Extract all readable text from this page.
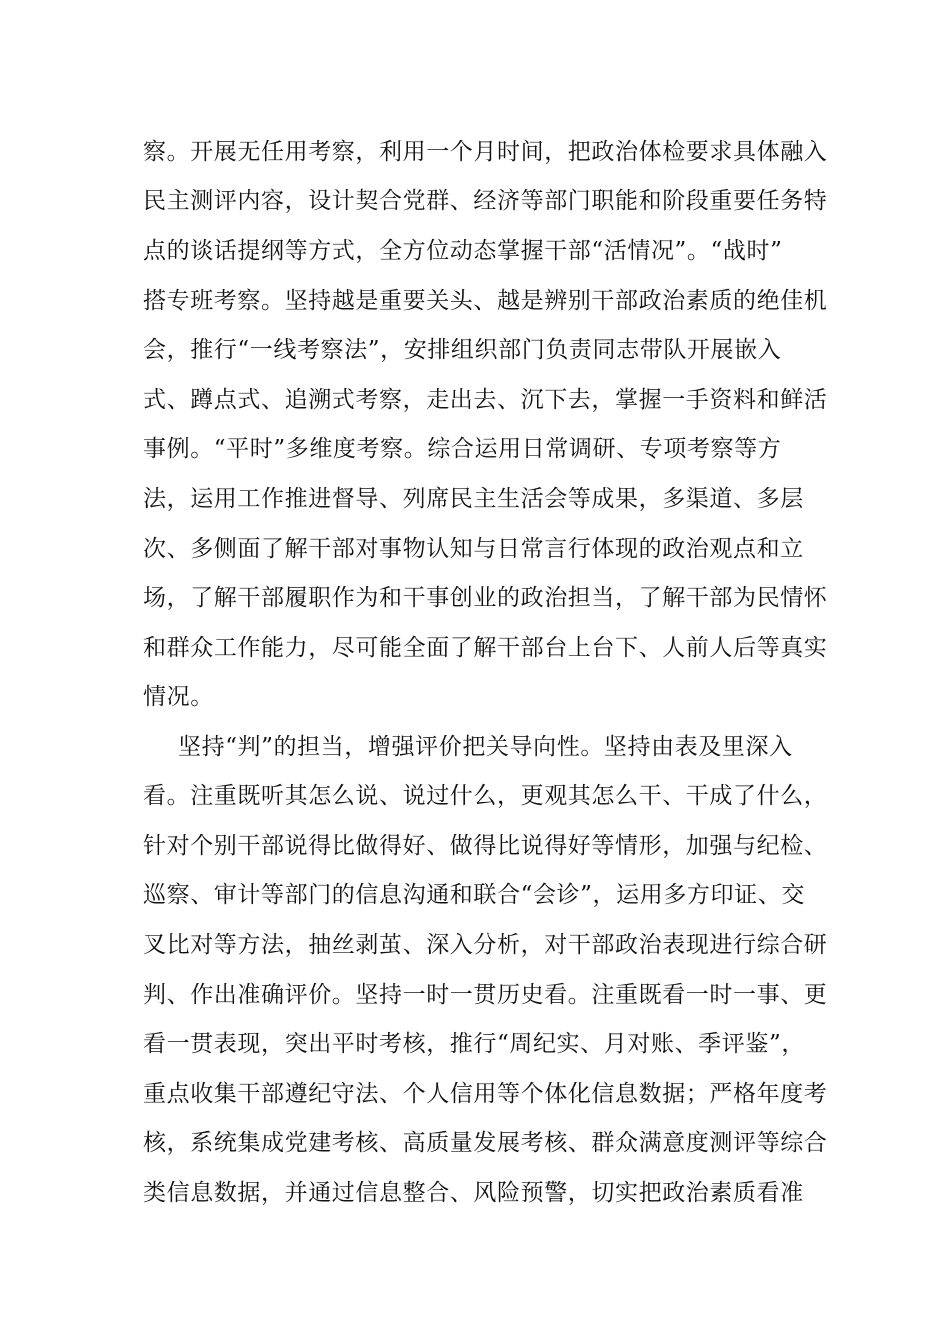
察。开展无任用考察，利用一个月时间，把政治体检要求具体融入
民主测评内容，设计契合党群、经济等部门职能和阶段重要任务特
点的谈话提纲等方式，全方位动态掌握干部“活情况”。“战时”
搭专班考察。坚持越是重要关头、越是辨别干部政治素质的绝佳机
会，推行“一线考察法”，安排组织部门负责同志带队开展嵌入
式、蹲点式、追溯式考察，走出去、沉下去，掌握一手资料和鲜活
事例。“平时”多维度考察。综合运用日常调研、专项考察等方
法，运用工作推进督导、列席民主生活会等成果，多渠道、多层
次、多侧面了解干部对事物认知与日常言行体现的政治观点和立
场，了解干部履职作为和干事创业的政治担当，了解干部为民情怀
和群众工作能力，尽可能全面了解干部台上台下、人前人后等真实
情况。
坚持“判”的担当，增强评价把关导向性。坚持由表及里深入
看。注重既听其怎么说、说过什么，更观其怎么干、干成了什么，
针对个别干部说得比做得好、做得比说得好等情形，加强与纪检、
巡察、审计等部门的信息沟通和联合“会诊”，运用多方印证、交
叉比对等方法，抽丝剥茧、深入分析，对干部政治表现进行综合研
判、作出准确评价。坚持一时一贯历史看。注重既看一时一事、更
看一贯表现，突出平时考核，推行“周纪实、月对账、季评鉴”，
重点收集干部遵纪守法、个人信用等个体化信息数据；严格年度考
核，系统集成党建考核、高质量发展考核、群众满意度测评等综合
类信息数据，并通过信息整合、风险预警，切实把政治素质看准
